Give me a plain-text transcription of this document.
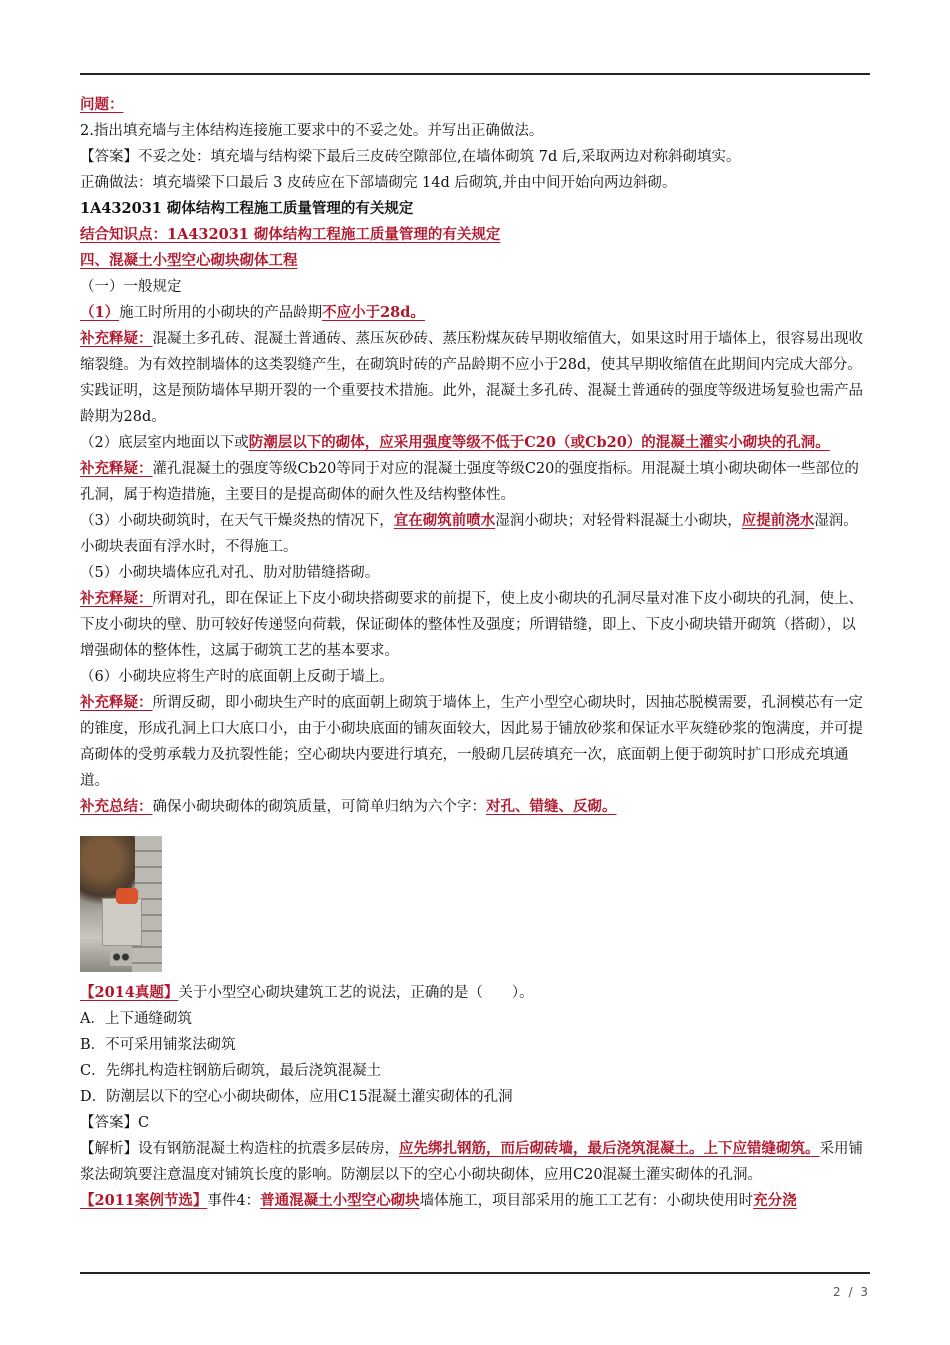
问题：

2.指出填充墙与主体结构连接施工要求中的不妥之处。并写出正确做法。

【答案】不妥之处：填充墙与结构梁下最后三皮砖空隙部位,在墙体砌筑 7d 后,采取两边对称斜砌填实。

正确做法：填充墙梁下口最后 3 皮砖应在下部墙砌完 14d 后砌筑,并由中间开始向两边斜砌。

1A432031 砌体结构工程施工质量管理的有关规定

结合知识点：1A432031 砌体结构工程施工质量管理的有关规定

四、混凝土小型空心砌块砌体工程

（一）一般规定

（1）施工时所用的小砌块的产品龄期不应小于28d。

补充释疑：混凝土多孔砖、混凝土普通砖、蒸压灰砂砖、蒸压粉煤灰砖早期收缩值大，如果这时用于墙体上，很容易出现收缩裂缝。为有效控制墙体的这类裂缝产生，在砌筑时砖的产品龄期不应小于28d，使其早期收缩值在此期间内完成大部分。实践证明，这是预防墙体早期开裂的一个重要技术措施。此外，混凝土多孔砖、混凝土普通砖的强度等级进场复验也需产品龄期为28d。

（2）底层室内地面以下或防潮层以下的砌体，应采用强度等级不低于C20（或Cb20）的混凝土灌实小砌块的孔洞。

补充释疑：灌孔混凝土的强度等级Cb20等同于对应的混凝土强度等级C20的强度指标。用混凝土填小砌块砌体一些部位的孔洞，属于构造措施，主要目的是提高砌体的耐久性及结构整体性。

（3）小砌块砌筑时，在天气干燥炎热的情况下，宜在砌筑前喷水湿润小砌块；对轻骨料混凝土小砌块，应提前浇水湿润。小砌块表面有浮水时，不得施工。

（5）小砌块墙体应孔对孔、肋对肋错缝搭砌。

补充释疑：所谓对孔，即在保证上下皮小砌块搭砌要求的前提下，使上皮小砌块的孔洞尽量对准下皮小砌块的孔洞，使上、下皮小砌块的壁、肋可较好传递竖向荷载，保证砌体的整体性及强度；所谓错缝，即上、下皮小砌块错开砌筑（搭砌），以增强砌体的整体性，这属于砌筑工艺的基本要求。

（6）小砌块应将生产时的底面朝上反砌于墙上。

补充释疑：所谓反砌，即小砌块生产时的底面朝上砌筑于墙体上，生产小型空心砌块时，因抽芯脱模需要，孔洞模芯有一定的锥度，形成孔洞上口大底口小，由于小砌块底面的铺灰面较大，因此易于铺放砂浆和保证水平灰缝砂浆的饱满度，并可提高砌体的受剪承载力及抗裂性能；空心砌块内要进行填充，一般砌几层砖填充一次，底面朝上便于砌筑时扩口形成充填通道。

补充总结：确保小砌块砌体的砌筑质量，可简单归纳为六个字：对孔、错缝、反砌。

【2014真题】关于小型空心砌块建筑工艺的说法，正确的是（　　）。

A．上下通缝砌筑

B．不可采用铺浆法砌筑

C．先绑扎构造柱钢筋后砌筑，最后浇筑混凝土

D．防潮层以下的空心小砌块砌体，应用C15混凝土灌实砌体的孔洞

【答案】C

【解析】设有钢筋混凝土构造柱的抗震多层砖房，应先绑扎钢筋，而后砌砖墙，最后浇筑混凝土。上下应错缝砌筑。采用铺浆法砌筑要注意温度对铺筑长度的影响。防潮层以下的空心小砌块砌体，应用C20混凝土灌实砌体的孔洞。

【2011案例节选】事件4：普通混凝土小型空心砌块墙体施工，项目部采用的施工工艺有：小砌块使用时充分浇

2 / 3
